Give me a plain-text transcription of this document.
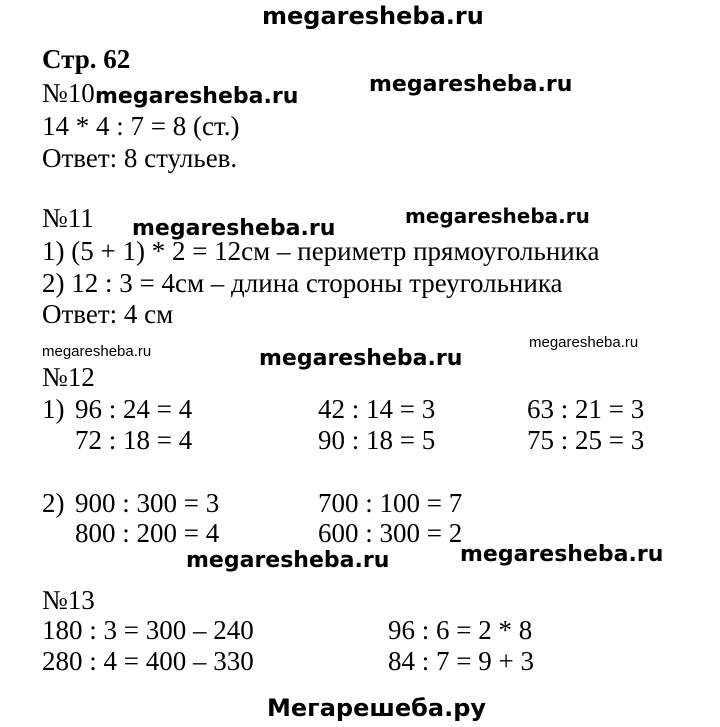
megaresheba.ru
megaresheba.ru	megaresheba.ru
megaresheba.ru	megaresheba.ru
megaresheba.ru
megaresheba.ru
megaresheba.ru
megaresheba.ru	megaresheba.ru
Мегарешеба.ру
Стр. 62
№10
14 * 4 : 7 = 8 (ст.)
Ответ: 8 стульев.
№11
1) (5 + 1) * 2 = 12см – периметр прямоугольника
2) 12 : 3 = 4см – длина стороны треугольника
Ответ: 4 см
№12
1) 96 : 24 = 4	42 : 14 = 3	63 : 21 = 3
72 : 18 = 4	90 : 18 = 5	75 : 25 = 3
2) 900 : 300 = 3	700 : 100 = 7
800 : 200 = 4	600 : 300 = 2
№13
180 : 3 = 300 – 240	96 : 6 = 2 * 8
280 : 4 = 400 – 330	84 : 7 = 9 + 3
